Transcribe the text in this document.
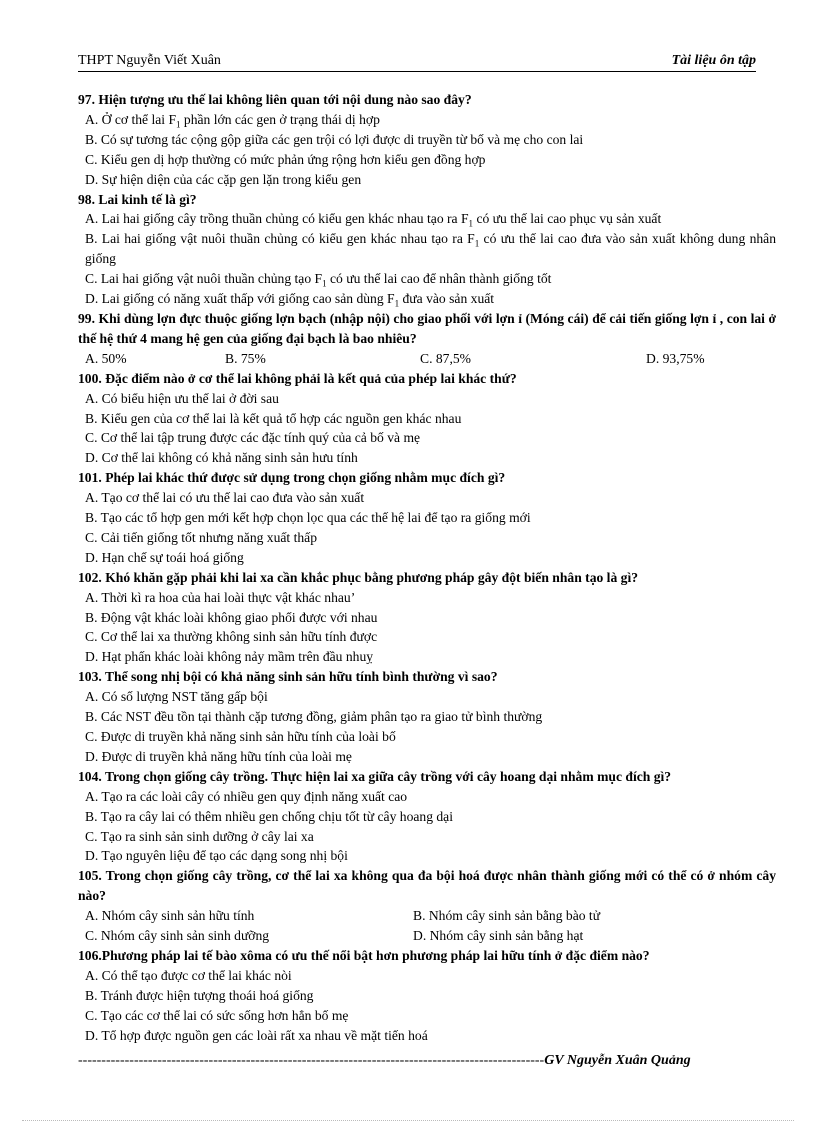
THPT Nguyễn Viết Xuân	Tài liệu ôn tập
97. Hiện tượng ưu thế lai không liên quan tới nội dung nào sao đây?
A. Ở cơ thể lai $F_1$ phần lớn các gen ở trạng thái dị hợp
B. Có sự tương tác cộng gộp giữa các gen trội có lợi được di truyền từ bố và mẹ cho con lai
C. Kiểu gen dị hợp thường có mức phản ứng rộng hơn kiểu gen đồng hợp
D. Sự hiện diện của các cặp gen lặn trong kiểu gen
98. Lai kinh tế là gì?
A. Lai hai giống cây trồng thuần chủng có kiểu gen khác nhau tạo ra $F_1$ có ưu thế lai cao phục vụ sản xuất
B. Lai hai giống vật nuôi thuần chủng có kiểu gen khác nhau tạo ra $F_1$ có ưu thế lai cao đưa vào sản xuất không dung nhân giống
C. Lai hai giống vật nuôi thuần chủng tạo $F_1$ có ưu thế lai cao để nhân thành giống tốt
D. Lai giống có năng xuất thấp với giống cao sản dùng $F_1$ đưa vào sản xuất
99. Khi dùng lợn đực thuộc giống lợn bạch (nhập nội) cho giao phối với lợn ỉ (Móng cái) để cải tiến giống lợn ỉ , con lai ở thế hệ thứ 4 mang hệ gen của giống đại bạch là bao nhiêu?
A. 50%	B. 75%	C. 87,5%	D. 93,75%
100. Đặc điểm nào ở cơ thể lai không phải là kết quả của phép lai khác thứ?
A. Có biểu hiện ưu thế lai ở đời sau
B. Kiểu gen của cơ thể lai là kết quả tổ hợp các nguồn gen khác nhau
C. Cơ thể lai tập trung được các đặc tính quý của cả bố và mẹ
D. Cơ thể lai không có khả năng sinh sản hưu tính
101. Phép lai khác thứ được sử dụng trong chọn giống nhằm mục đích gì?
A. Tạo cơ thể lai có ưu thế lai cao đưa vào sản xuất
B. Tạo các tổ hợp gen mới kết hợp chọn lọc qua các thế hệ lai để tạo ra giống mới
C. Cải tiến giống tốt nhưng năng xuất thấp
D. Hạn chế sự toái hoá giống
102. Khó khăn gặp phải khi lai xa cần khắc phục bằng phương pháp gây đột biến nhân tạo là gì?
A. Thời kì ra hoa của hai loài thực vật khác nhau’
B. Động vật khác loài không giao phối được với nhau
C. Cơ thể lai xa thường không sinh sản hữu tính được
D. Hạt phấn khác loài không nảy mầm trên đầu nhuỵ
103. Thể song nhị bội có khả năng sinh sản hữu tính bình thường vì sao?
A. Có số lượng NST tăng gấp bội
B. Các NST đều tồn tại thành cặp tương đồng, giảm phân tạo ra giao tử bình thường
C. Được di truyền khả năng sinh sản hữu tính của loài bố
D. Được di truyền khả năng hữu tính của loài mẹ
104. Trong chọn giống cây trồng. Thực hiện lai xa giữa cây trồng với cây hoang dại nhằm mục đích gì?
A. Tạo ra các loài cây có nhiều gen quy định năng xuất cao
B. Tạo ra cây lai có thêm nhiều gen chống chịu tốt từ cây hoang dại
C. Tạo ra sinh sản sinh dưỡng ở cây lai xa
D. Tạo nguyên liệu để tạo các dạng song nhị bội
105. Trong chọn giống cây trồng, cơ thể lai xa không qua đa bội hoá được nhân thành giống mới có thể có ở nhóm cây nào?
A. Nhóm cây sinh sản hữu tính	B. Nhóm cây sinh sản bằng bào tử
C. Nhóm cây sinh sản sinh dưỡng	D. Nhóm cây sinh sản bằng hạt
106.Phương pháp lai tế bào xôma có ưu thế nổi bật hơn phương pháp lai hữu tính ở đặc điểm nào?
A. Có thể tạo được cơ thể lai khác nòi
B. Tránh được hiện tượng thoái hoá giống
C. Tạo các cơ thể lai có sức sống hơn hẳn bố mẹ
D. Tổ hợp được nguồn gen các loài rất xa nhau về mặt tiến hoá
----------------------------------------------------------------------------------------------------GV Nguyễn Xuân Quảng
